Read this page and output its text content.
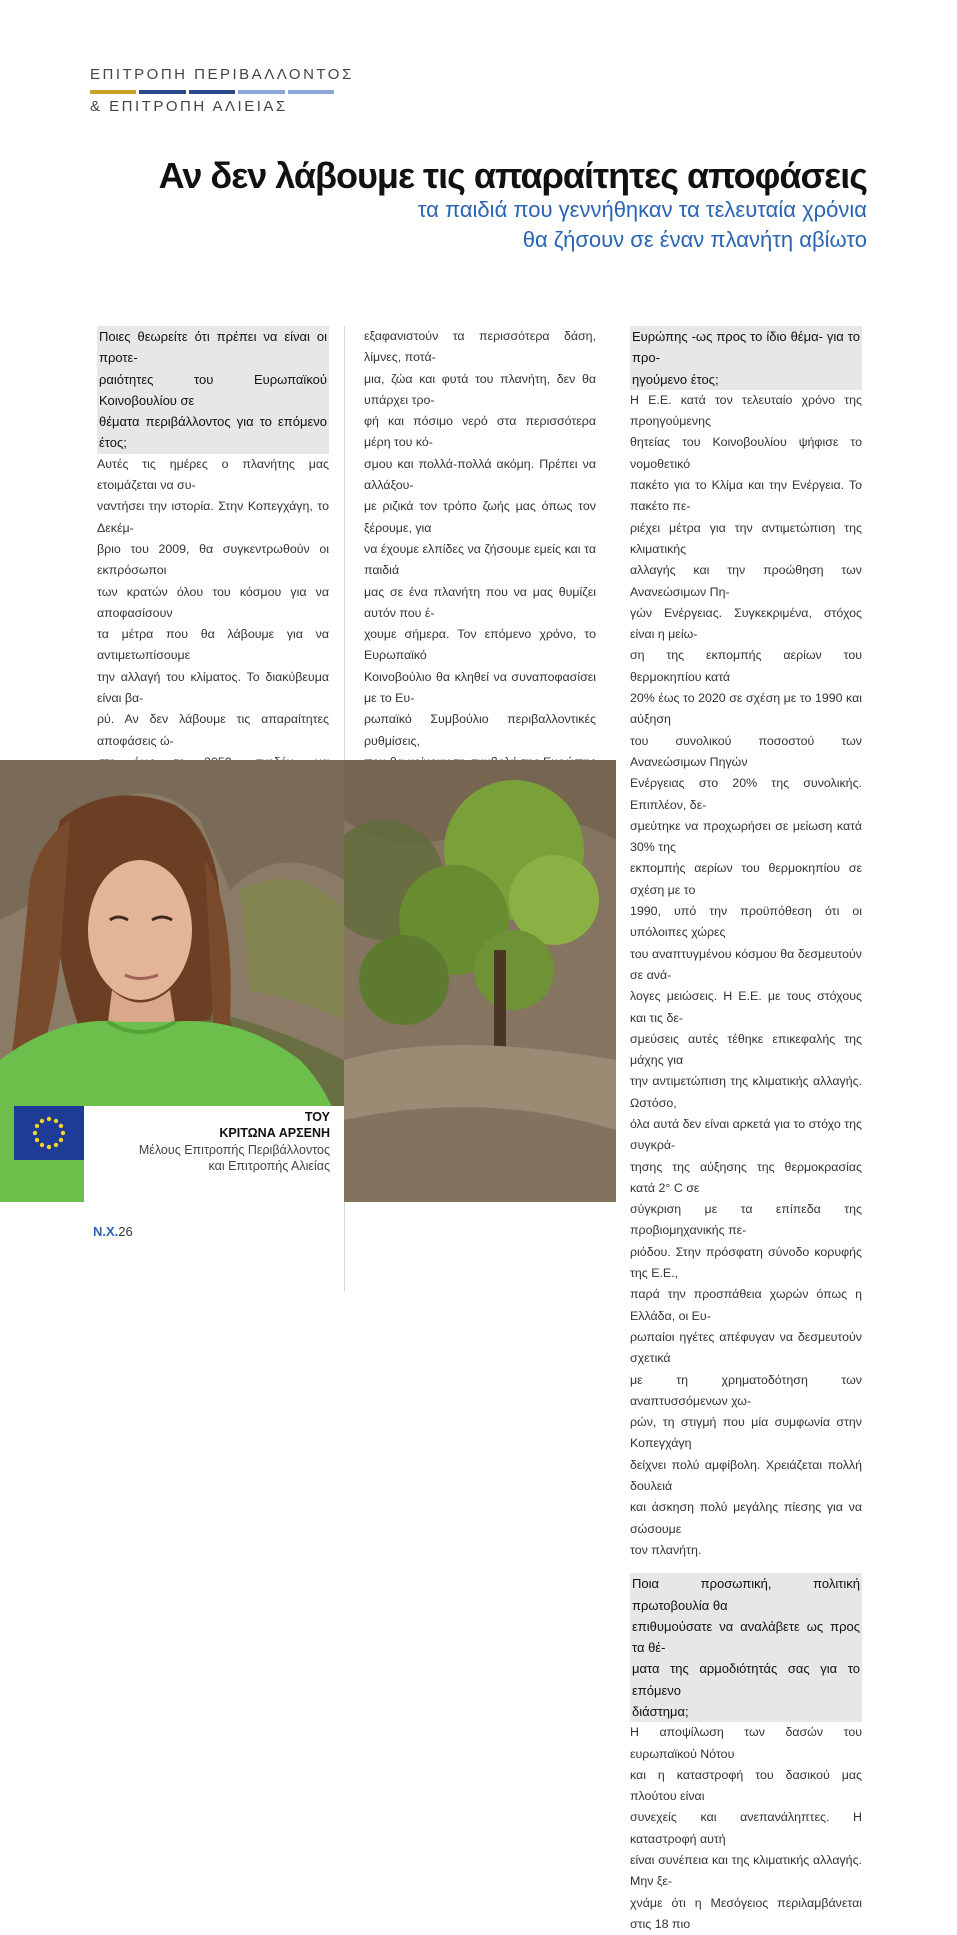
ΕΠΙΤΡΟΠΗ ΠΕΡΙΒΑΛΛΟΝΤΟΣ
& ΕΠΙΤΡΟΠΗ ΑΛΙΕΙΑΣ
Αν δεν λάβουμε τις απαραίτητες αποφάσεις
τα παιδιά που γεννήθηκαν τα τελευταία χρόνια
θα ζήσουν σε έναν πλανήτη αβίωτο

Ποιες θεωρείτε ότι πρέπει να είναι οι προτε-

ραιότητες του Ευρωπαϊκού Κοινοβουλίου σε

θέματα περιβάλλοντος για το επόμενο έτος;

Αυτές τις ημέρες ο πλανήτης μας ετοιμάζεται να συ-

ναντήσει την ιστορία. Στην Κοπεγχάγη, το Δεκέμ-

βριο του 2009, θα συγκεντρωθούν οι εκπρόσωποι

των κρατών όλου του κόσμου για να αποφασίσουν

τα μέτρα που θα λάβουμε για να αντιμετωπίσουμε

την αλλαγή του κλίματος. Το διακύβευμα είναι βα-

ρύ. Αν δεν λάβουμε τις απαραίτητες αποφάσεις ώ-

εξαφανιστούν τα περισσότερα δάση, λίμνες, ποτά-

μια, ζώα και φυτά του πλανήτη, δεν θα υπάρχει τρο-

φή και πόσιμο νερό στα περισσότερα μέρη του κό-

σμου και πολλά-πολλά ακόμη. Πρέπει να αλλάξου-

με ριζικά τον τρόπο ζωής μας όπως τον ξέρουμε, για

να έχουμε ελπίδες να ζήσουμε εμείς και τα παιδιά

μας σε ένα πλανήτη που να μας θυμίζει αυτόν που έ-

χουμε σήμερα. Τον επόμενο χρόνο, το Ευρωπαϊκό

Κοινοβούλιο θα κληθεί να συναποφασίσει με το Ευ-

ρωπαϊκό Συμβούλιο περιβαλλοντικές ρυθμίσεις,

Ευρώπης -ως προς το ίδιο θέμα- για το προ-

ηγούμενο έτος;

Η Ε.Ε. κατά τον τελευταίο χρόνο της προηγούμενης

θητείας του Κοινοβουλίου ψήφισε το νομοθετικό

πακέτο για το Κλίμα και την Ενέργεια. Το πακέτο πε-

ριέχει μέτρα για την αντιμετώπιση της κλιματικής

αλλαγής και την προώθηση των Ανανεώσιμων Πη-

γών Ενέργειας. Συγκεκριμένα, στόχος είναι η μείω-

ση της εκπομπής αερίων του θερμοκηπίου κατά

20% έως το 2020 σε σχέση με το 1990 και αύξηση

του συνολικού ποσοστού των Ανανεώσιμων Πηγών

Ενέργειας στο 20% της συνολικής. Επιπλέον, δε-

σμεύτηκε να προχωρήσει σε μείωση κατά 30% της

εκπομπής αερίων του θερμοκηπίου σε σχέση με το

1990, υπό την προϋπόθεση ότι οι υπόλοιπες χώρες

του αναπτυγμένου κόσμου θα δεσμευτούν σε ανά-

λογες μειώσεις. Η Ε.Ε. με τους στόχους και τις δε-

σμεύσεις αυτές τέθηκε επικεφαλής της μάχης για

την αντιμετώπιση της κλιματικής αλλαγής. Ωστόσο,

όλα αυτά δεν είναι αρκετά για το στόχο της συγκρά-

τησης της αύξησης της θερμοκρασίας κατά 2° C σε

σύγκριση με τα επίπεδα της προβιομηχανικής πε-

ριόδου. Στην πρόσφατη σύνοδο κορυφής της Ε.Ε.,

παρά την προσπάθεια χωρών όπως η Ελλάδα, οι Ευ-

ρωπαίοι ηγέτες απέφυγαν να δεσμευτούν σχετικά

με τη χρηματοδότηση των αναπτυσσόμενων χω-

ρών, τη στιγμή που μία συμφωνία στην Κοπεγχάγη

δείχνει πολύ αμφίβολη. Χρειάζεται πολλή δουλειά

και άσκηση πολύ μεγάλης πίεσης για να σώσουμε

τον πλανήτη.

Ποια προσωπική, πολιτική πρωτοβουλία θα

επιθυμούσατε να αναλάβετε ως προς τα θέ-

ματα της αρμοδιότητάς σας για το επόμενο

διάστημα;

Η αποψίλωση των δασών του ευρωπαϊκού Νότου

και η καταστροφή του δασικού μας πλούτου είναι

συνεχείς και ανεπανάληπτες. Η καταστροφή αυτή

είναι συνέπεια και της κλιματικής αλλαγής. Μην ξε-

χνάμε ότι η Μεσόγειος περιλαμβάνεται στις 18 πιο

ΤΟΥ
ΚΡΙΤΩΝΑ ΑΡΣΕΝΗ
Μέλους Επιτροπής Περιβάλλοντος
και Επιτροπής Αλιείας
Ν.Χ.26
